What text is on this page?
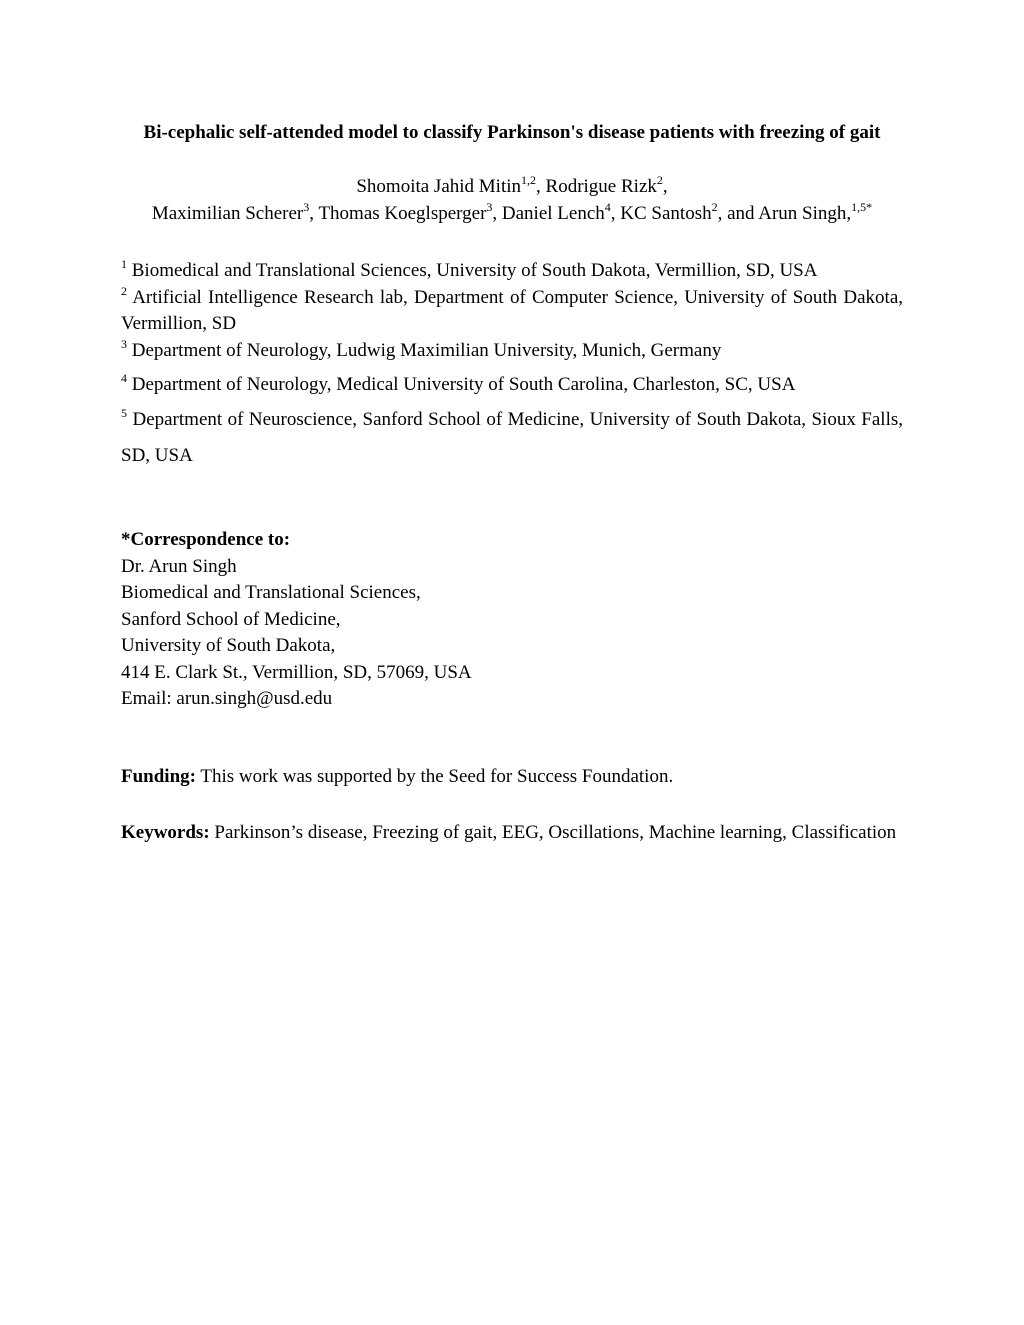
Bi-cephalic self-attended model to classify Parkinson's disease patients with freezing of gait
Shomoita Jahid Mitin$^{1,2}$, Rodrigue Rizk$^2$,
Maximilian Scherer$^3$, Thomas Koeglsperger$^3$, Daniel Lench$^4$, KC Santosh$^2$, and Arun Singh,$^{1,5*}$
$^1$ Biomedical and Translational Sciences, University of South Dakota, Vermillion, SD, USA
$^2$ Artificial Intelligence Research lab, Department of Computer Science, University of South Dakota, Vermillion, SD
$^3$ Department of Neurology, Ludwig Maximilian University, Munich, Germany
$^4$ Department of Neurology, Medical University of South Carolina, Charleston, SC, USA
$^5$ Department of Neuroscience, Sanford School of Medicine, University of South Dakota, Sioux Falls, SD, USA
*Correspondence to:
Dr. Arun Singh
Biomedical and Translational Sciences,
Sanford School of Medicine,
University of South Dakota,
414 E. Clark St., Vermillion, SD, 57069, USA
Email: arun.singh@usd.edu
Funding: This work was supported by the Seed for Success Foundation.
Keywords: Parkinson’s disease, Freezing of gait, EEG, Oscillations, Machine learning, Classification
